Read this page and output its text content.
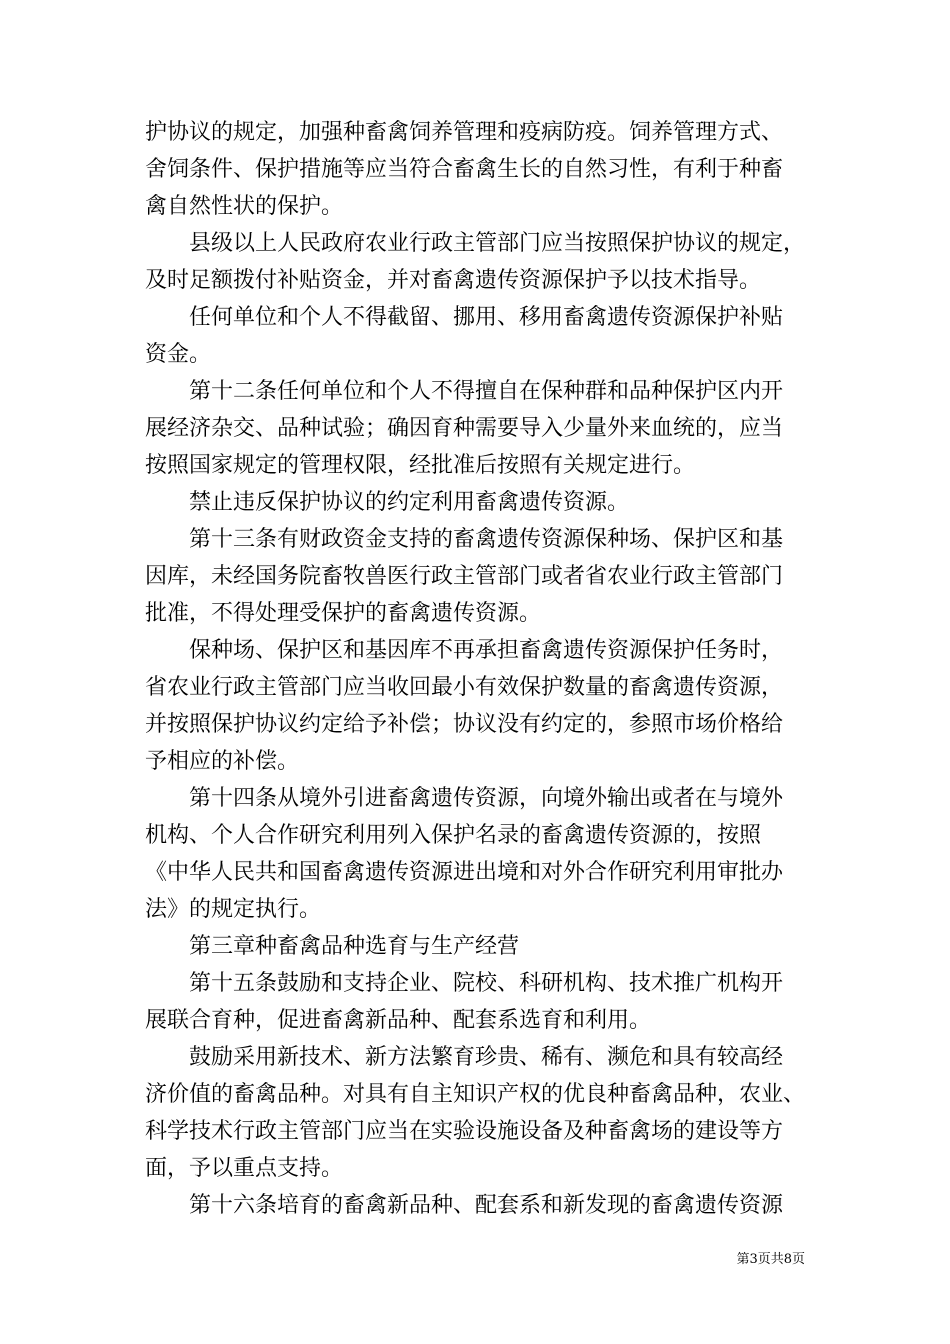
护协议的规定，加强种畜禽饲养管理和疫病防疫。饲养管理方式、
舍饲条件、保护措施等应当符合畜禽生长的自然习性，有利于种畜
禽自然性状的保护。
县级以上人民政府农业行政主管部门应当按照保护协议的规定，
及时足额拨付补贴资金，并对畜禽遗传资源保护予以技术指导。
任何单位和个人不得截留、挪用、移用畜禽遗传资源保护补贴
资金。
第十二条任何单位和个人不得擅自在保种群和品种保护区内开
展经济杂交、品种试验；确因育种需要导入少量外来血统的，应当
按照国家规定的管理权限，经批准后按照有关规定进行。
禁止违反保护协议的约定利用畜禽遗传资源。
第十三条有财政资金支持的畜禽遗传资源保种场、保护区和基
因库，未经国务院畜牧兽医行政主管部门或者省农业行政主管部门
批准，不得处理受保护的畜禽遗传资源。
保种场、保护区和基因库不再承担畜禽遗传资源保护任务时，
省农业行政主管部门应当收回最小有效保护数量的畜禽遗传资源，
并按照保护协议约定给予补偿；协议没有约定的，参照市场价格给
予相应的补偿。
第十四条从境外引进畜禽遗传资源，向境外输出或者在与境外
机构、个人合作研究利用列入保护名录的畜禽遗传资源的，按照
《中华人民共和国畜禽遗传资源进出境和对外合作研究利用审批办
法》的规定执行。
第三章种畜禽品种选育与生产经营
第十五条鼓励和支持企业、院校、科研机构、技术推广机构开
展联合育种，促进畜禽新品种、配套系选育和利用。
鼓励采用新技术、新方法繁育珍贵、稀有、濒危和具有较高经
济价值的畜禽品种。对具有自主知识产权的优良种畜禽品种，农业、
科学技术行政主管部门应当在实验设施设备及种畜禽场的建设等方
面，予以重点支持。
第十六条培育的畜禽新品种、配套系和新发现的畜禽遗传资源
第3页共8页
